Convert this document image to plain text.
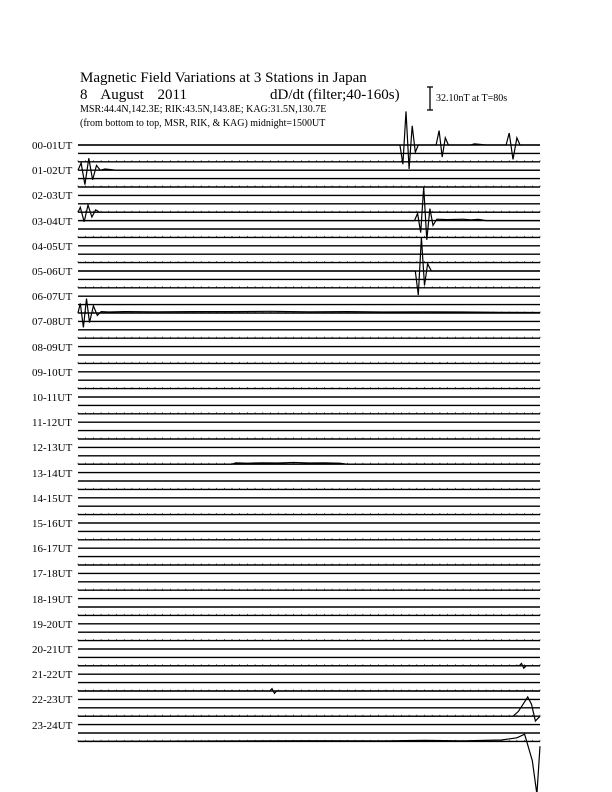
Magnetic Field Variations at 3 Stations in Japan
8 August 2011	dD/dt (filter;40-160s)
MSR:44.4N,142.3E; RIK:43.5N,143.8E; KAG:31.5N,130.7E
(from bottom to top, MSR, RIK, & KAG) midnight=1500UT
32.10nT at T=80s
00-01UT
01-02UT
02-03UT
03-04UT
04-05UT
05-06UT
06-07UT
07-08UT
08-09UT
09-10UT
10-11UT
11-12UT
12-13UT
13-14UT
14-15UT
15-16UT
16-17UT
17-18UT
18-19UT
19-20UT
20-21UT
21-22UT
22-23UT
23-24UT
